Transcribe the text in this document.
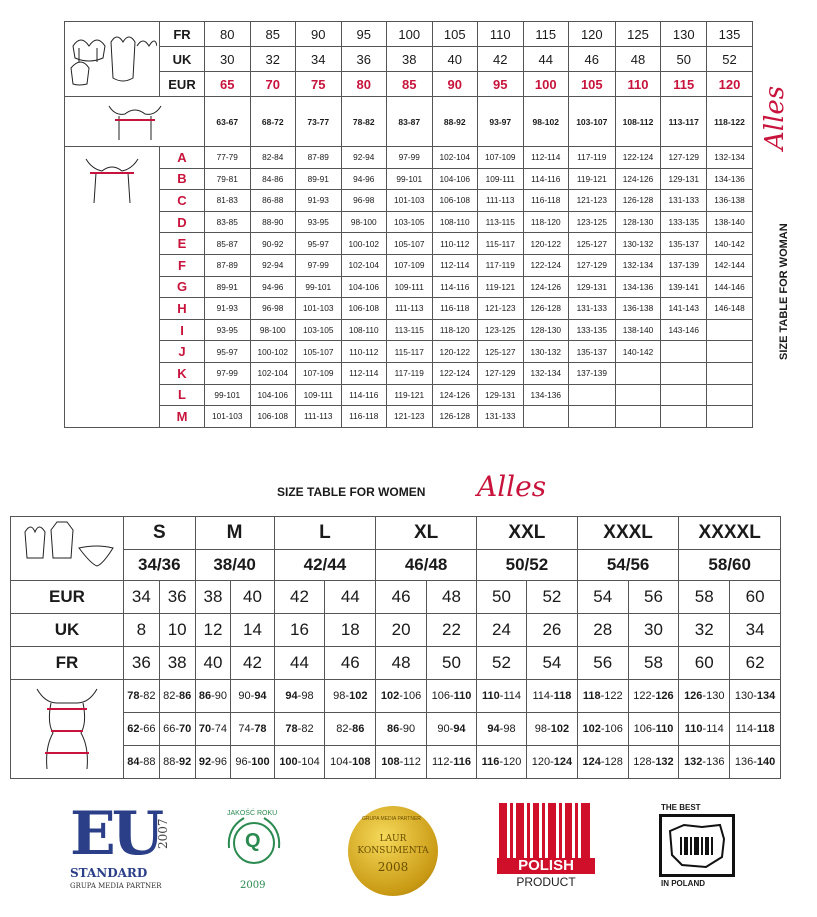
	FR	80	85	90	95	100	105	110	115	120	125	130	135
	UK	30	32	34	36	38	40	42	44	46	48	50	52
	EUR	65	70	75	80	85	90	95	100	105	110	115	120
	63-67	68-72	73-77	78-82	83-87	88-92	93-97	98-102	103-107	108-112	113-117	118-122
	A	77-79	82-84	87-89	92-94	97-99	102-104	107-109	112-114	117-119	122-124	127-129	132-134
	B	79-81	84-86	89-91	94-96	99-101	104-106	109-111	114-116	119-121	124-126	129-131	134-136
	C	81-83	86-88	91-93	96-98	101-103	106-108	111-113	116-118	121-123	126-128	131-133	136-138
	D	83-85	88-90	93-95	98-100	103-105	108-110	113-115	118-120	123-125	128-130	133-135	138-140
	E	85-87	90-92	95-97	100-102	105-107	110-112	115-117	120-122	125-127	130-132	135-137	140-142
	F	87-89	92-94	97-99	102-104	107-109	112-114	117-119	122-124	127-129	132-134	137-139	142-144
	G	89-91	94-96	99-101	104-106	109-111	114-116	119-121	124-126	129-131	134-136	139-141	144-146
	H	91-93	96-98	101-103	106-108	111-113	116-118	121-123	126-128	131-133	136-138	141-143	146-148
	I	93-95	98-100	103-105	108-110	113-115	118-120	123-125	128-130	133-135	138-140	143-146	
	J	95-97	100-102	105-107	110-112	115-117	120-122	125-127	130-132	135-137	140-142		
	K	97-99	102-104	107-109	112-114	117-119	122-124	127-129	132-134	137-139			
	L	99-101	104-106	109-111	114-116	119-121	124-126	129-131	134-136				
	M	101-103	106-108	111-113	116-118	121-123	126-128	131-133					
Alles
SIZE TABLE FOR WOMAN
SIZE TABLE FOR WOMEN Alles
	S		M		L		XL		XXL		XXXL		XXXXL	
	34/36		38/40		42/44		46/48		50/52		54/56		58/60	
EUR	34	36	38	40	42	44	46	48	50	52	54	56	58	60
UK	8	10	12	14	16	18	20	22	24	26	28	30	32	34
FR	36	38	40	42	44	46	48	50	52	54	56	58	60	62
	78-82	82-86	86-90	90-94	94-98	98-102	102-106	106-110	110-114	114-118	118-122	122-126	126-130	130-134
	62-66	66-70	70-74	74-78	78-82	82-86	86-90	90-94	94-98	98-102	102-106	106-110	110-114	114-118
	84-88	88-92	92-96	96-100	100-104	104-108	108-112	112-116	116-120	120-124	124-128	128-132	132-136	136-140
EU
2007
STANDARD
GRUPA MEDIA PARTNER
JAKOŚĆ ROKU
Q
2009
GRUPA MEDIA PARTNER
LAUR
KONSUMENTA
2008	POLISH
PRODUCT
THE BEST
IN POLAND
